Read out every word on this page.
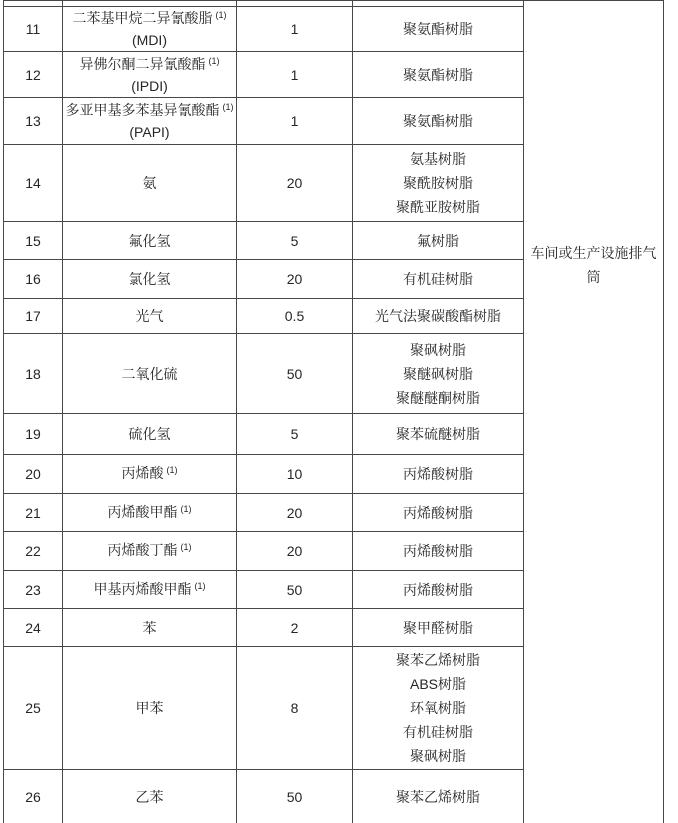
				车间或生产设施排气筒

11	二苯基甲烷二异氰酸脂 $^{(1)}$
(MDI)	1	聚氨酯树脂	

12	异佛尔酮二异氰酸酯 $^{(1)}$
(IPDI)	1	聚氨酯树脂	

13	多亚甲基多苯基异氰酸酯 $^{(1)}$
(PAPI)	1	聚氨酯树脂	

14	氨	20	氨基树脂
聚酰胺树脂
聚酰亚胺树脂	

15	氟化氢	5	氟树脂	

16	氯化氢	20	有机硅树脂	

17	光气	0.5	光气法聚碳酸酯树脂	

18	二氧化硫	50	聚砜树脂
聚醚砜树脂
聚醚醚酮树脂	

19	硫化氢	5	聚苯硫醚树脂	

20	丙烯酸 $^{(1)}$	10	丙烯酸树脂	

21	丙烯酸甲酯 $^{(1)}$	20	丙烯酸树脂	

22	丙烯酸丁酯 $^{(1)}$	20	丙烯酸树脂	

23	甲基丙烯酸甲酯 $^{(1)}$	50	丙烯酸树脂	

24	苯	2	聚甲醛树脂	

25	甲苯	8	聚苯乙烯树脂
ABS树脂
环氧树脂
有机硅树脂
聚砜树脂	

26	乙苯	50	聚苯乙烯树脂	
